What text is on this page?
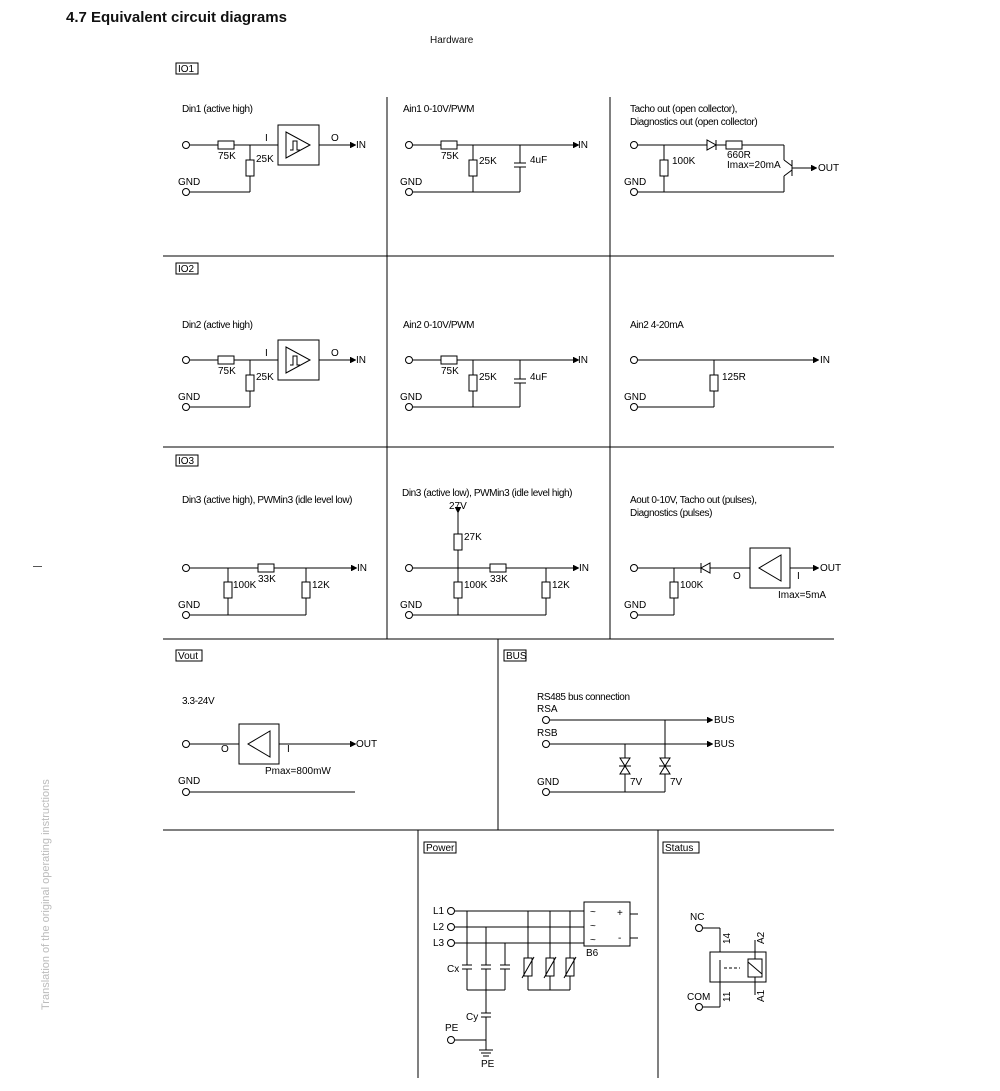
4.7 Equivalent circuit diagrams
Hardware
Translation of the original operating instructions
IO1
IO2
IO3
Vout	BUS
Power	Status
Din1 (active high)
75K 25K
I	O
IN
GND
Ain1 0-10V/PWM
75K 25K	4uF
IN
GND
Tacho out (open collector),
Diagnostics out (open collector)
660R
Imax=20mA
100K
OUT
GND
Din2 (active high)
75K
25K
I	O
IN
GND
Ain2 0-10V/PWM
75K
25K	4uF
IN
GND
Ain2 4-20mA
IN
125R
GND
Din3 (active high), PWMin3 (idle level low)
33K
IN
100K	12K
GND
Din3 (active low), PWMin3 (idle level high)
27V
27K
33K
IN
100K	12K
GND
Aout 0-10V, Tacho out (pulses),
Diagnostics (pulses)
O	I
OUT
Imax=5mA
100K
GND
3.3-24V
O	I	OUT
Pmax=800mW
GND
RS485 bus connection
RSA
BUS
RSB
BUS
7V	7V
GND
L1
L2
L3
~
~
~
+
-
B6
Cx
Cy
PE
PE
NC
14 A2
A1
11
COM
